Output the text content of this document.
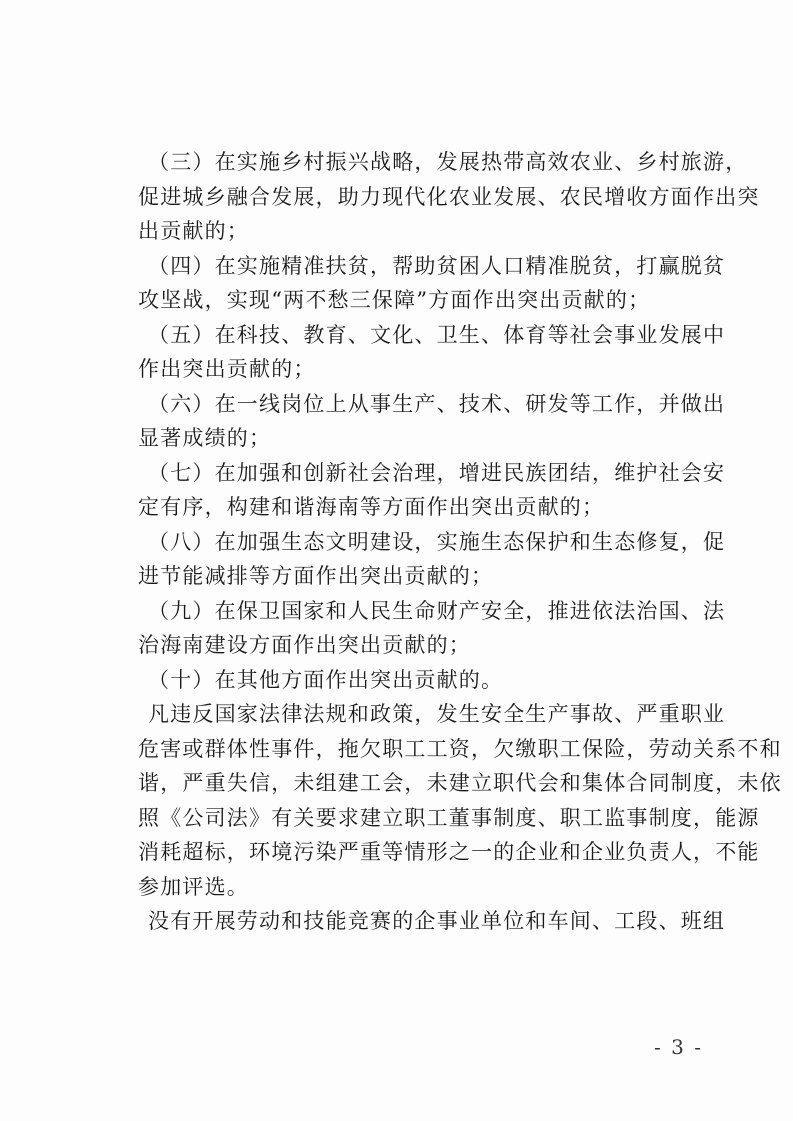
（三）在实施乡村振兴战略，发展热带高效农业、乡村旅游，
促进城乡融合发展，助力现代化农业发展、农民增收方面作出突
出贡献的；
（四）在实施精准扶贫，帮助贫困人口精准脱贫，打赢脱贫
攻坚战，实现“两不愁三保障”方面作出突出贡献的；
（五）在科技、教育、文化、卫生、体育等社会事业发展中
作出突出贡献的；
（六）在一线岗位上从事生产、技术、研发等工作，并做出
显著成绩的；
（七）在加强和创新社会治理，增进民族团结，维护社会安
定有序，构建和谐海南等方面作出突出贡献的；
（八）在加强生态文明建设，实施生态保护和生态修复，促
进节能减排等方面作出突出贡献的；
（九）在保卫国家和人民生命财产安全，推进依法治国、法
治海南建设方面作出突出贡献的；
（十）在其他方面作出突出贡献的。
凡违反国家法律法规和政策，发生安全生产事故、严重职业
危害或群体性事件，拖欠职工工资，欠缴职工保险，劳动关系不和
谐，严重失信，未组建工会，未建立职代会和集体合同制度，未依
照《公司法》有关要求建立职工董事制度、职工监事制度，能源
消耗超标，环境污染严重等情形之一的企业和企业负责人，不能
参加评选。
没有开展劳动和技能竞赛的企事业单位和车间、工段、班组
- 3 -
